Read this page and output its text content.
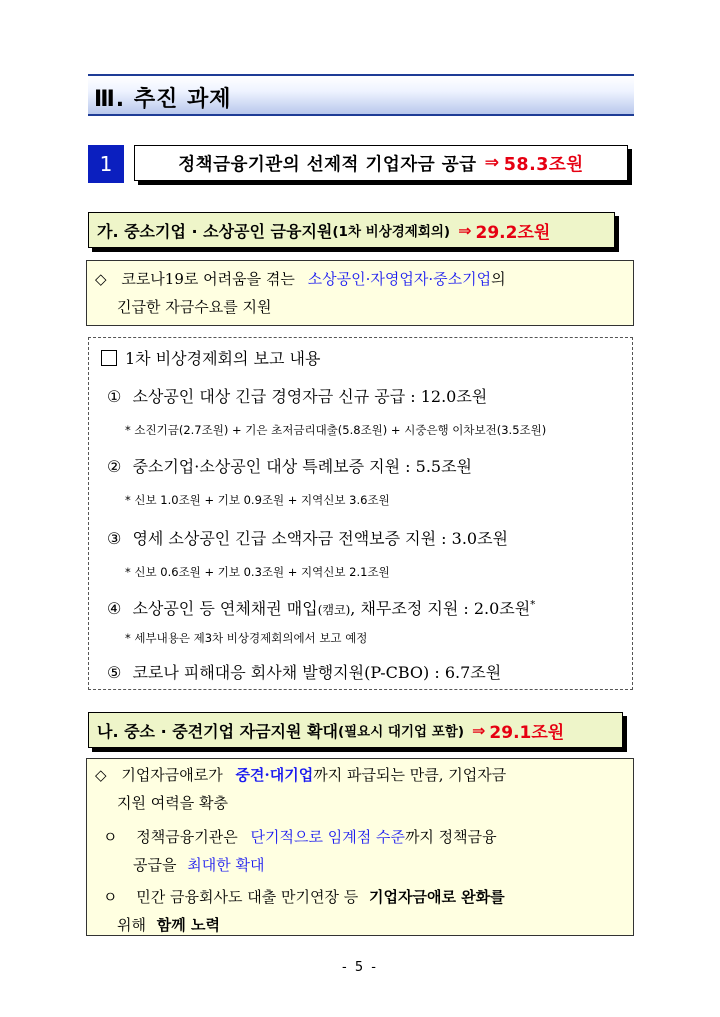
Ⅲ. 추진 과제
1	정책금융기관의 선제적 기업자금 공급 ⇒ 58.3조원
가. 중소기업 · 소상공인 금융지원 (1차 비상경제회의) ⇒ 29.2조원
◇ 코로나19로 어려움을 겪는 소상공인·자영업자·중소기업의
긴급한 자금수요를 지원
1차 비상경제회의 보고 내용
① 소상공인 대상 긴급 경영자금 신규 공급 : 12.0조원
* 소진기금(2.7조원) + 기은 초저금리대출(5.8조원) + 시중은행 이차보전(3.5조원)
② 중소기업·소상공인 대상 특례보증 지원 : 5.5조원
* 신보 1.0조원 + 기보 0.9조원 + 지역신보 3.6조원
③ 영세 소상공인 긴급 소액자금 전액보증 지원 : 3.0조원
* 신보 0.6조원 + 기보 0.3조원 + 지역신보 2.1조원
④ 소상공인 등 연체채권 매입(캠코), 채무조정 지원 : 2.0조원*
* 세부내용은 제3차 비상경제회의에서 보고 예정
⑤ 코로나 피해대응 회사채 발행지원(P-CBO) : 6.7조원
나. 중소 · 중견기업 자금지원 확대 (필요시 대기업 포함) ⇒ 29.1조원
◇ 기업자금애로가 중견·대기업까지 파급되는 만큼, 기업자금
지원 여력을 확충
ㅇ 정책금융기관은 단기적으로 임계점 수준까지 정책금융
공급을 최대한 확대
ㅇ 민간 금융회사도 대출 만기연장 등 기업자금애로 완화를
위해 함께 노력
- 5 -
